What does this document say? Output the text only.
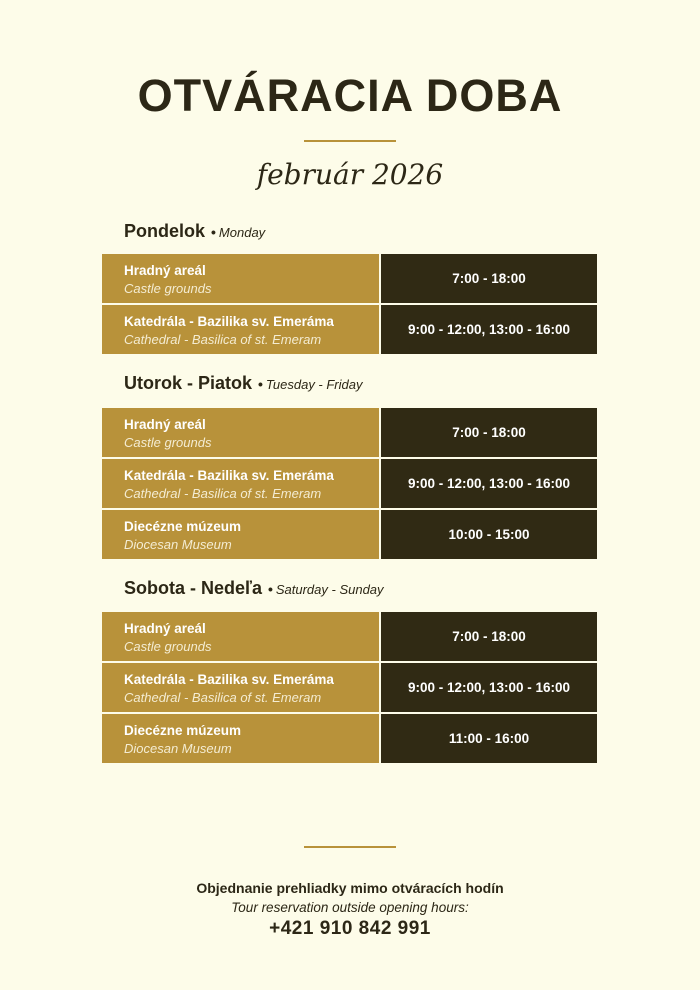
OTVÁRACIA DOBA
február 2026
Pondelok • Monday
Hradný areál
Castle grounds
7:00 - 18:00
Katedrála - Bazilika sv. Emeráma
Cathedral - Basilica of st. Emeram
9:00 - 12:00, 13:00 - 16:00
Utorok - Piatok • Tuesday - Friday
Hradný areál
Castle grounds
7:00 - 18:00
Katedrála - Bazilika sv. Emeráma
Cathedral - Basilica of st. Emeram
9:00 - 12:00, 13:00 - 16:00
Diecézne múzeum
Diocesan Museum
10:00 - 15:00
Sobota - Nedeľa • Saturday - Sunday
Hradný areál
Castle grounds
7:00 - 18:00
Katedrála - Bazilika sv. Emeráma
Cathedral - Basilica of st. Emeram
9:00 - 12:00, 13:00 - 16:00
Diecézne múzeum
Diocesan Museum
11:00 - 16:00
Objednanie prehliadky mimo otváracích hodín
Tour reservation outside opening hours:
+421 910 842 991
